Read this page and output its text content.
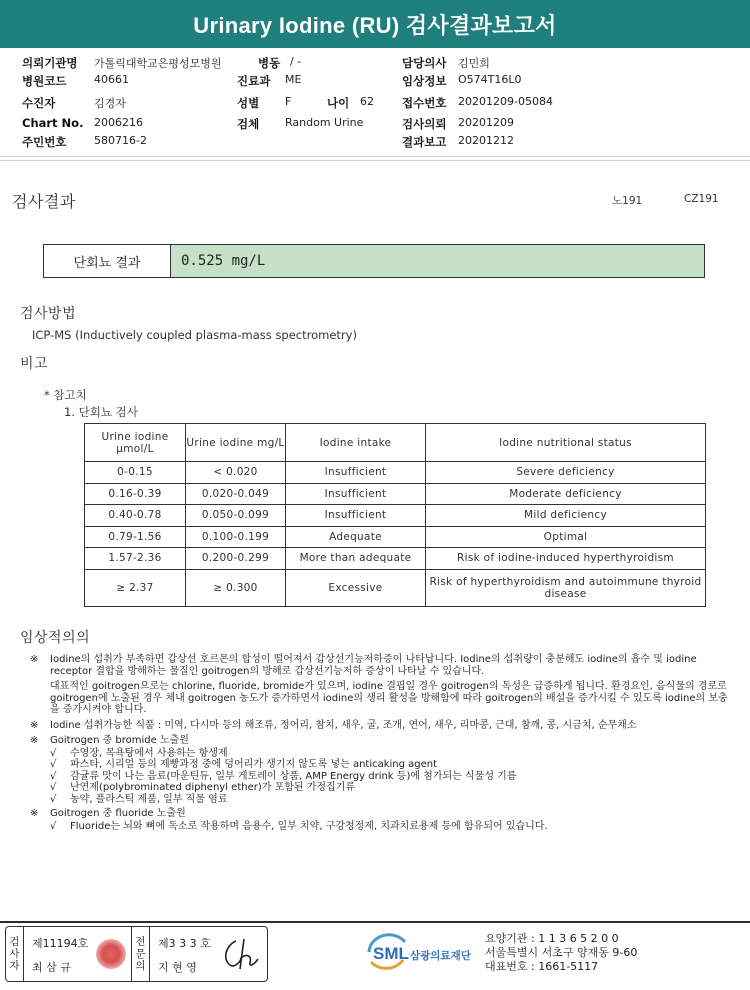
Urinary Iodine (RU) 검사결과보고서
의뢰기관명 가톨릭대학교은평성모병원	병동 / -	담당의사 김민희
병원코드	40661	진료과 ME	임상정보 O574T16L0
수진자	김경자	성별 F	나이 62 접수번호 20201209-05084
Chart No. 2006216	검체 Random Urine	검사의뢰 20201209
주민번호	580716-2	결과보고 20201212
검사결과	노191	CZ191
단회뇨 결과	0.525 mg/L
검사방법
ICP-MS (Inductively coupled plasma-mass spectrometry)
비고
* 참고치
1. 단회뇨 검사
Urine iodine μmol/L	Urine iodine mg/L	Iodine intake	Iodine nutritional status
0-0.15	< 0.020	Insufficient	Severe deficiency
0.16-0.39	0.020-0.049	Insufficient	Moderate deficiency
0.40-0.78	0.050-0.099	Insufficient	Mild deficiency
0.79-1.56	0.100-0.199	Adequate	Optimal
1.57-2.36	0.200-0.299	More than adequate	Risk of iodine-induced hyperthyroidism
≥ 2.37	≥ 0.300	Excessive	Risk of hyperthyroidism and autoimmune thyroid disease
임상적의의
※ Iodine의 섭취가 부족하면 갑상선 호르몬의 합성이 떨어져서 갑상선기능저하증이 나타납니다. Iodine의 섭취량이 충분해도 iodine의 흡수 및 iodine receptor 결합을 방해하는 물질인 goitrogen의 방해로 갑상선기능저하 증상이 나타날 수 있습니다.
대표적인 goitrogen으로는 chlorine, fluoride, bromide가 있으며, iodine 결핍일 경우 goitrogen의 독성은 급증하게 됩니다. 환경요인, 음식물의 경로로 goitrogen에 노출된 경우 체내 goitrogen 농도가 증가하면서 iodine의 생리 활성을 방해함에 따라 goitrogen의 배설을 증가시킬 수 있도록 iodine의 보충을 증가시켜야 합니다.
※ Iodine 섭취가능한 식품 : 미역, 다시마 등의 해조류, 정어리, 참치, 새우, 굴, 조개, 연어, 새우, 리마콩, 근대, 참깨, 콩, 시금치, 순무채소
※ Goitrogen 중 bromide 노출원
√ 수영장, 목욕탕에서 사용하는 항생제
√ 파스타, 시리얼 등의 제빵과정 중에 덩어리가 생기지 않도록 넣는 anticaking agent
√ 감귤류 맛이 나는 음료(마운틴듀, 일부 게토레이 상품, AMP Energy drink 등)에 첨가되는 식물성 기름
√ 난연제(polybrominated diphenyl ether)가 포함된 가정집기류
√ 농약, 플라스틱 제품, 일부 직물 염료
※ Goitrogen 중 fluoride 노출원
√ Fluoride는 뇌와 뼈에 독소로 작용하며 음용수, 일부 치약, 구강청정제, 치과치료용제 등에 함유되어 있습니다.
검
사
자
제11194호
최 삼 규
전
문
의
제3 3 3 호
지 현 영
SML 삼광의료재단
요양기관 : 1 1 3 6 5 2 0 0
서울특별시 서초구 양재동 9-60
대표번호 : 1661-5117
